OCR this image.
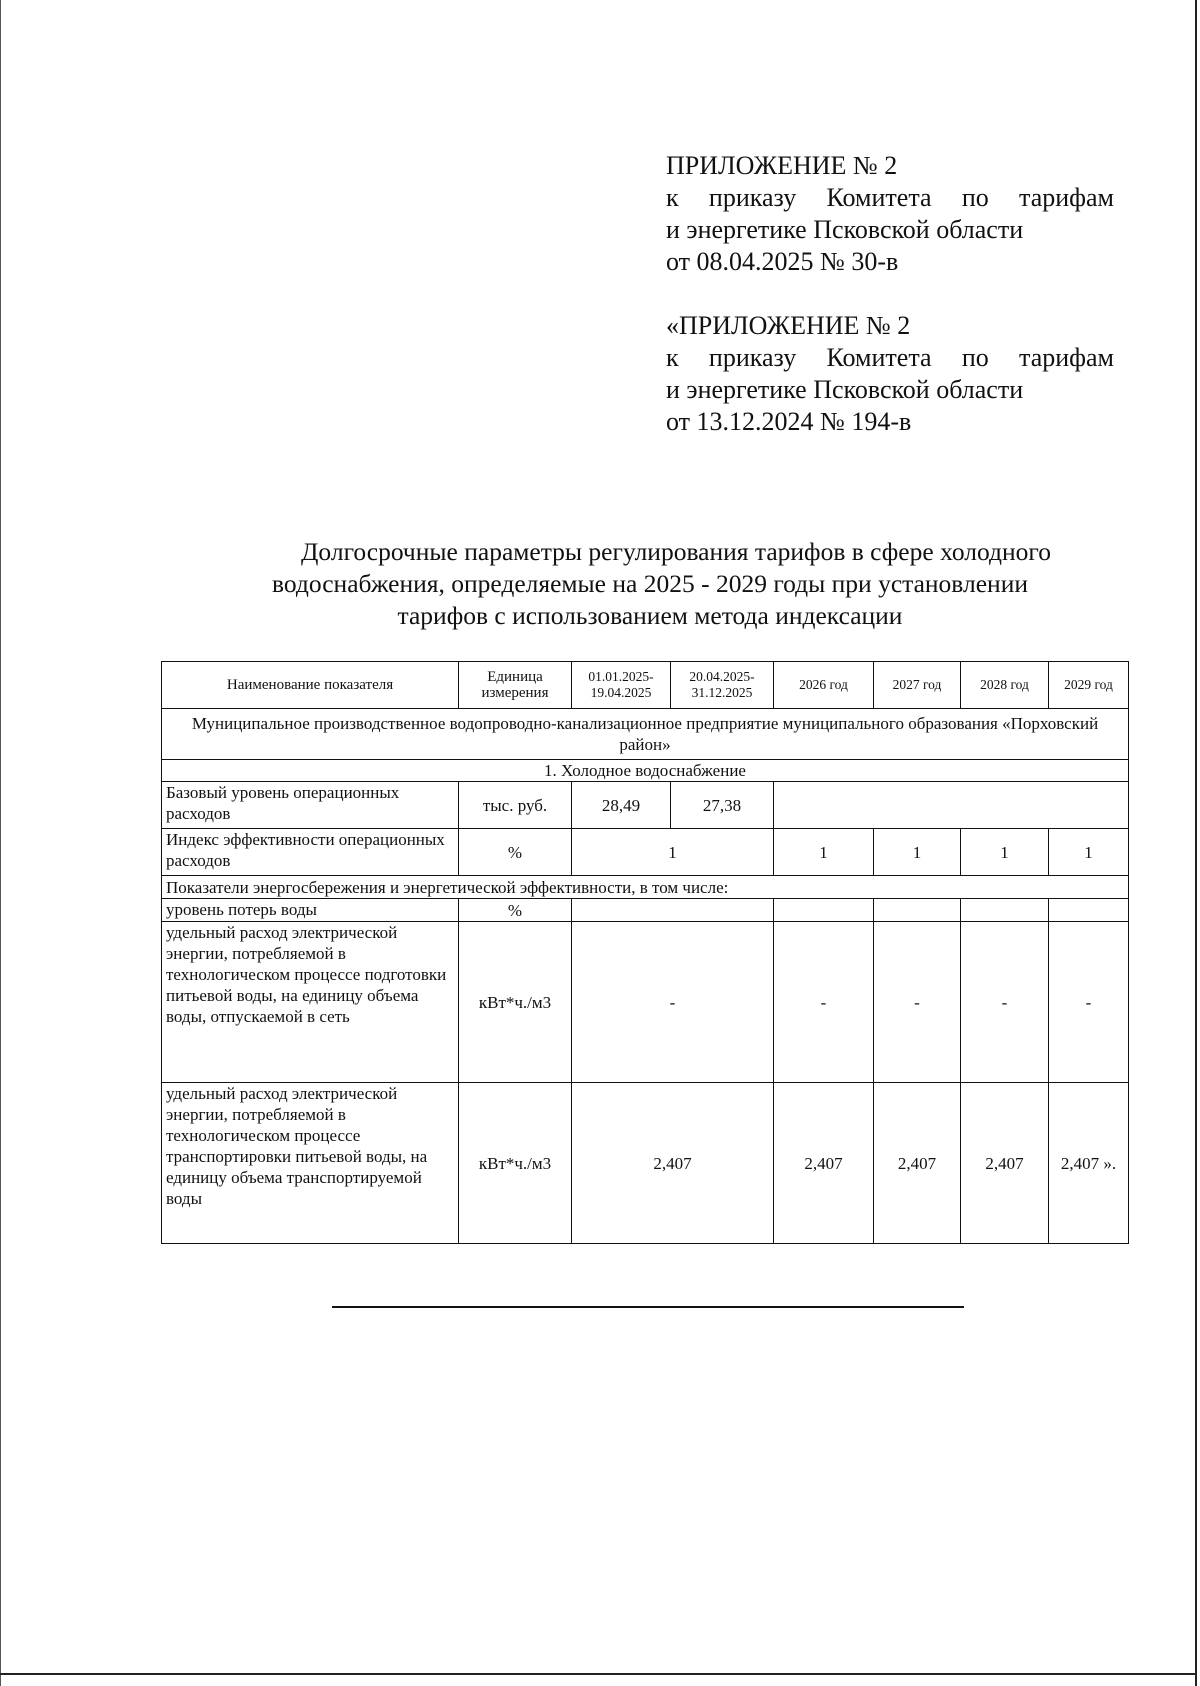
ПРИЛОЖЕНИЕ № 2
к приказу Комитета по тарифам
и энергетике Псковской области
от 08.04.2025 № 30-в
«ПРИЛОЖЕНИЕ № 2
к приказу Комитета по тарифам
и энергетике Псковской области
от 13.12.2024 № 194-в
Долгосрочные параметры регулирования тарифов в сфере холодного
водоснабжения, определяемые на 2025 - 2029 годы при установлении
тарифов с использованием метода индексации
Наименование показателя	Единица измерения	01.01.2025- 19.04.2025	20.04.2025- 31.12.2025	2026 год	2027 год	2028 год	2029 год
Муниципальное производственное водопроводно-канализационное предприятие муниципального образования «Порховский район»							
1. Холодное водоснабжение							
Базовый уровень операционных расходов	тыс. руб.	28,49	27,38				
Индекс эффективности операционных расходов	%	1		1	1	1	1
Показатели энергосбережения и энергетической эффективности, в том числе:							
уровень потерь воды	%						
удельный расход электрической энергии, потребляемой в технологическом процессе подготовки питьевой воды, на единицу объема воды, отпускаемой в сеть	кВт*ч./м3	-		-	-	-	-
удельный расход электрической энергии, потребляемой в технологическом процессе транспортировки питьевой воды, на единицу объема транспортируемой воды	кВт*ч./м3	2,407		2,407	2,407	2,407	2,407 ».
